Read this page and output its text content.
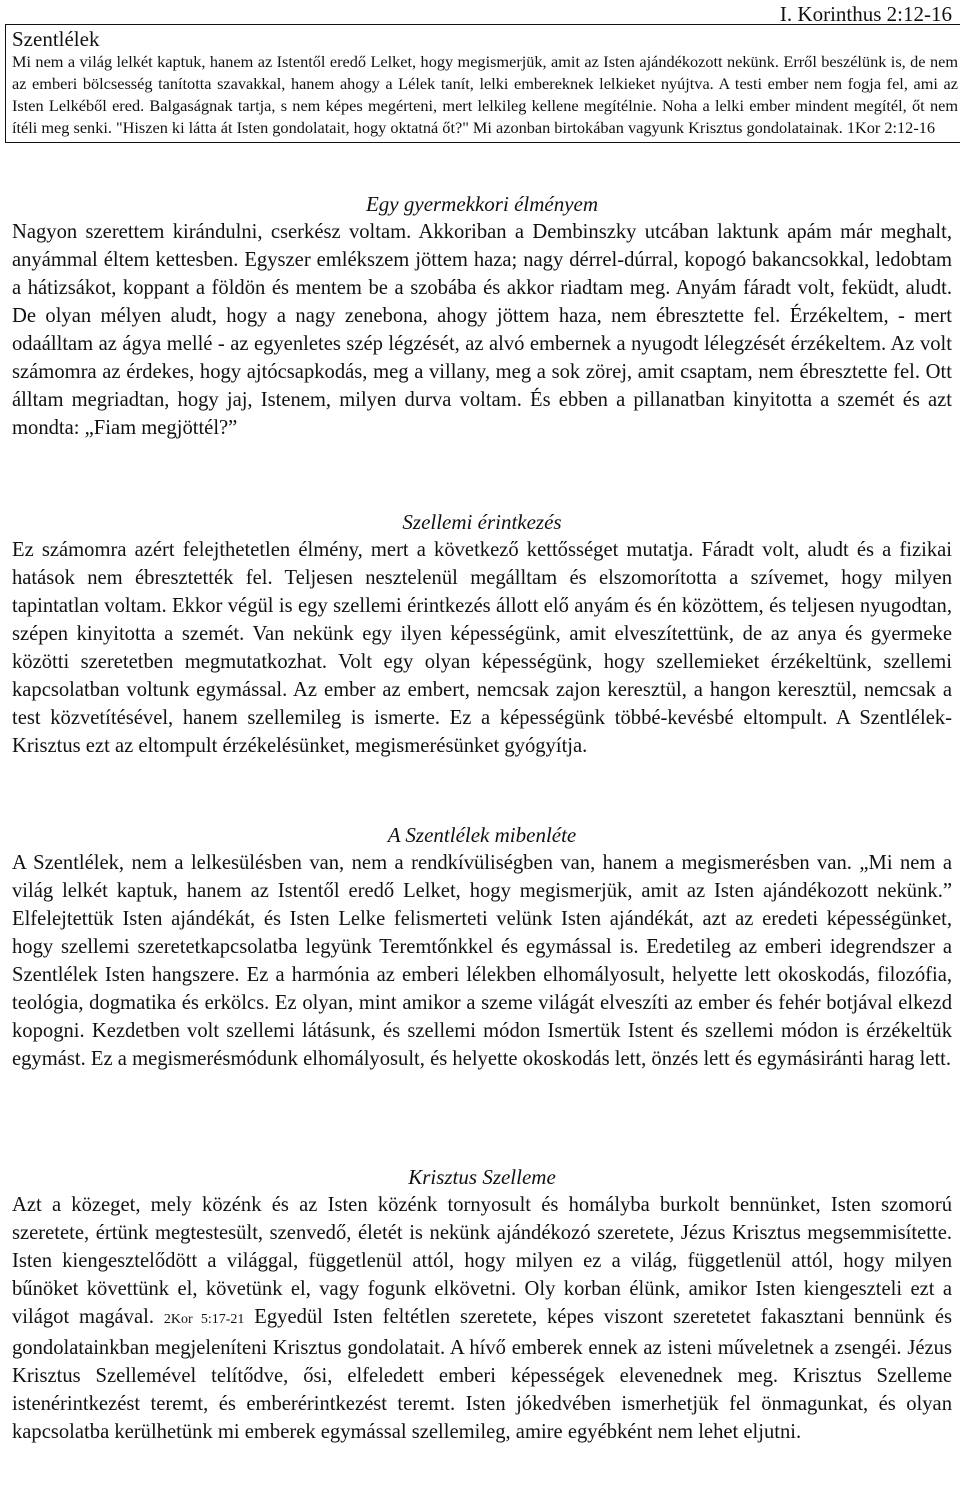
I. Korinthus 2:12-16
Szentlélek
Mi nem a világ lelkét kaptuk, hanem az Istentől eredő Lelket, hogy megismerjük, amit az Isten ajándékozott nekünk. Erről beszélünk is, de nem az emberi bölcsesség tanította szavakkal, hanem ahogy a Lélek tanít, lelki embereknek lelkieket nyújtva. A testi ember nem fogja fel, ami az Isten Lelkéből ered. Balgaságnak tartja, s nem képes megérteni, mert lelkileg kellene megítélnie. Noha a lelki ember mindent megítél, őt nem ítéli meg senki. "Hiszen ki látta át Isten gondolatait, hogy oktatná őt?" Mi azonban birtokában vagyunk Krisztus gondolatainak. 1Kor 2:12-16
Egy gyermekkori élményem

Nagyon szerettem kirándulni, cserkész voltam. Akkoriban a Dembinszky utcában laktunk apám már meghalt, anyámmal éltem kettesben. Egyszer emlékszem jöttem haza; nagy dérrel-dúrral, kopogó bakancsokkal, ledobtam a hátizsákot, koppant a földön és mentem be a szobába és akkor riadtam meg. Anyám fáradt volt, feküdt, aludt. De olyan mélyen aludt, hogy a nagy zenebona, ahogy jöttem haza, nem ébresztette fel. Érzékeltem, - mert odaálltam az ágya mellé - az egyenletes szép légzését, az alvó embernek a nyugodt lélegzését érzékeltem. Az volt számomra az érdekes, hogy ajtócsapkodás, meg a villany, meg a sok zörej, amit csaptam, nem ébresztette fel. Ott álltam megriadtan, hogy jaj, Istenem, milyen durva voltam. És ebben a pillanatban kinyitotta a szemét és azt mondta: „Fiam megjöttél?”

Szellemi érintkezés

Ez számomra azért felejthetetlen élmény, mert a következő kettősséget mutatja. Fáradt volt, aludt és a fizikai hatások nem ébresztették fel. Teljesen nesztelenül megálltam és elszomorította a szívemet, hogy milyen tapintatlan voltam. Ekkor végül is egy szellemi érintkezés állott elő anyám és én közöttem, és teljesen nyugodtan, szépen kinyitotta a szemét. Van nekünk egy ilyen képességünk, amit elveszítettünk, de az anya és gyermeke közötti szeretetben megmutatkozhat. Volt egy olyan képességünk, hogy szellemieket érzékeltünk, szellemi kapcsolatban voltunk egymással. Az ember az embert, nemcsak zajon keresztül, a hangon keresztül, nemcsak a test közvetítésével, hanem szellemileg is ismerte. Ez a képességünk többé-kevésbé eltompult. A Szentlélek-Krisztus ezt az eltompult érzékelésünket, megismerésünket gyógyítja.

A Szentlélek mibenléte

A Szentlélek, nem a lelkesülésben van, nem a rendkívüliségben van, hanem a megismerésben van. „Mi nem a világ lelkét kaptuk, hanem az Istentől eredő Lelket, hogy megismerjük, amit az Isten ajándékozott nekünk.” Elfelejtettük Isten ajándékát, és Isten Lelke felismerteti velünk Isten ajándékát, azt az eredeti képességünket, hogy szellemi szeretetkapcsolatba legyünk Teremtőnkkel és egymással is. Eredetileg az emberi idegrendszer a Szentlélek Isten hangszere. Ez a harmónia az emberi lélekben elhomályosult, helyette lett okoskodás, filozófia, teológia, dogmatika és erkölcs. Ez olyan, mint amikor a szeme világát elveszíti az ember és fehér botjával elkezd kopogni. Kezdetben volt szellemi látásunk, és szellemi módon Ismertük Istent és szellemi módon is érzékeltük egymást. Ez a megismerésmódunk elhomályosult, és helyette okoskodás lett, önzés lett és egymásiránti harag lett.

Krisztus Szelleme

Azt a közeget, mely közénk és az Isten közénk tornyosult és homályba burkolt bennünket, Isten szomorú szeretete, értünk megtestesült, szenvedő, életét is nekünk ajándékozó szeretete, Jézus Krisztus megsemmisítette. Isten kiengesztelődött a világgal, függetlenül attól, hogy milyen ez a világ, függetlenül attól, hogy milyen bűnöket követtünk el, követünk el, vagy fogunk elkövetni. Oly korban élünk, amikor Isten kiengeszteli ezt a világot magával. 2Kor 5:17-21 Egyedül Isten feltétlen szeretete, képes viszont szeretetet fakasztani bennünk és gondolatainkban megjeleníteni Krisztus gondolatait. A hívő emberek ennek az isteni műveletnek a zsengéi. Jézus Krisztus Szellemével telítődve, ősi, elfeledett emberi képességek elevenednek meg. Krisztus Szelleme istenérintkezést teremt, és emberérintkezést teremt. Isten jókedvében ismerhetjük fel önmagunkat, és olyan kapcsolatba kerülhetünk mi emberek egymással szellemileg, amire egyébként nem lehet eljutni.
